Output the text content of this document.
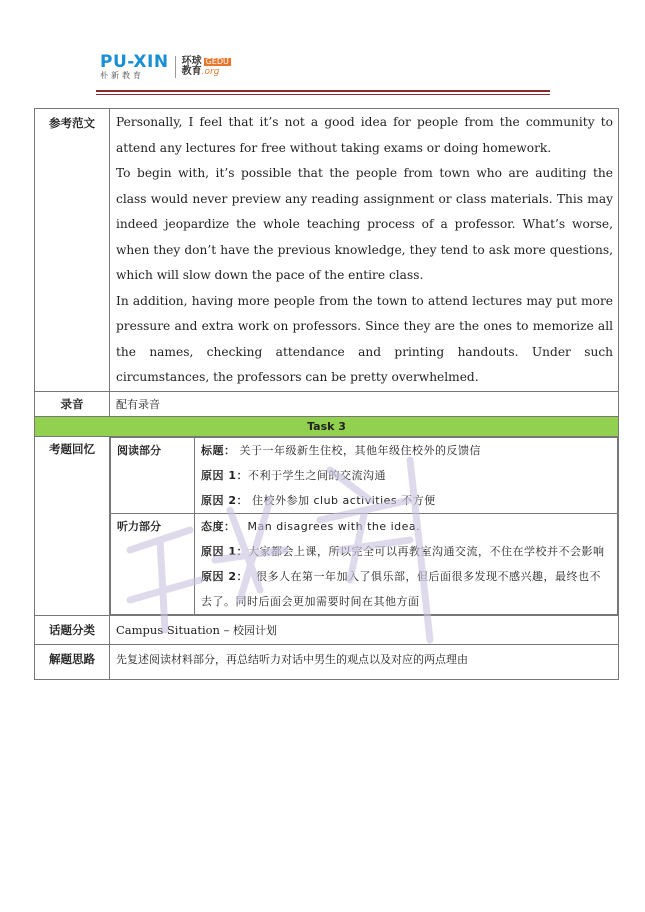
PU-XIN
朴新教育
环球 GEDU
教育 .org
参考范文	Personally, I feel that it’s not a good idea for people from the community to attend any lectures for free without taking exams or doing homework.

To begin with, it’s possible that the people from town who are auditing the class would never preview any reading assignment or class materials. This may indeed jeopardize the whole teaching process of a professor. What’s worse, when they don’t have the previous knowledge, they tend to ask more questions, which will slow down the pace of the entire class.

In addition, having more people from the town to attend lectures may put more pressure and extra work on professors. Since they are the ones to memorize all the names, checking attendance and printing handouts. Under such circumstances, the professors can be pretty overwhelmed.

录音	配有录音
Task 3
考题回忆	阅读部分	标题： 关于一年级新生住校，其他年级住校外的反馈信
原因 1：不利于学生之间的交流沟通
原因 2： 住校外参加 club activities 不方便

听力部分	态度： Man disagrees with the idea.
原因 1：大家都会上课，所以完全可以再教室沟通交流，不住在学校并不会影响
原因 2： 很多人在第一年加入了俱乐部，但后面很多发现不感兴趣，最终也不去了。同时后面会更加需要时间在其他方面

话题分类	Campus Situation – 校园计划
解题思路	先复述阅读材料部分，再总结听力对话中男生的观点以及对应的两点理由
